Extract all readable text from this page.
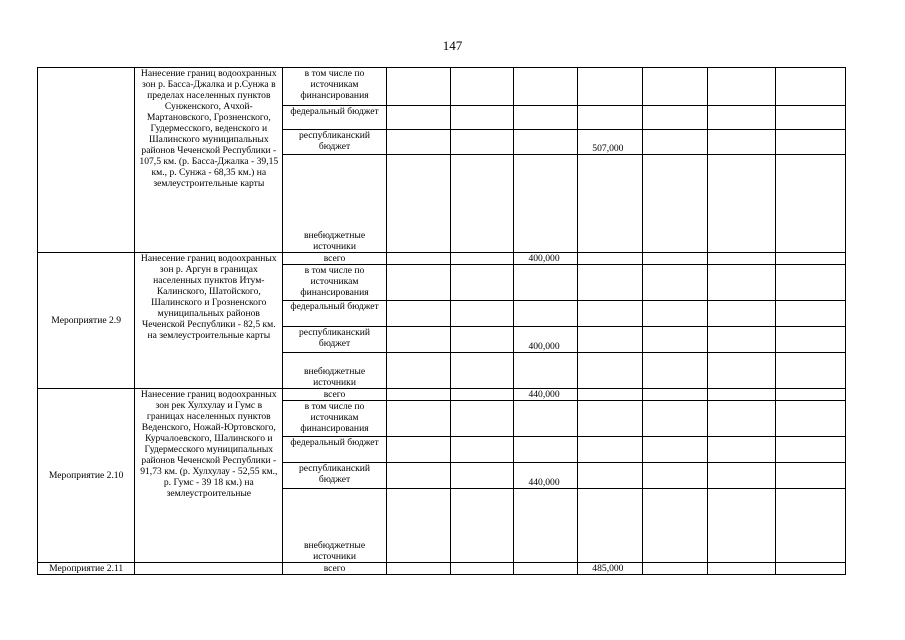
147
	Нанесение границ водоохранных зон р. Басса-Джалка и р.Сунжа в пределах населенных пунктов Сунженского, Ачхой-Мартановского, Грозненского, Гудермесского, веденского и Шалинского муниципальных районов Чеченской Республики - 107,5 км. (р. Басса-Джалка - 39,15 км., р. Сунжа - 68,35 км.) на землеустроительные карты	в том числе по источникам финансирования							
		федеральный бюджет							
		республиканский бюджет				507,000			
		внебюджетные источники							
Мероприятие 2.9	Нанесение границ водоохранных зон р. Аргун в границах населенных пунктов Итум-Калинского, Шатойского, Шалинского и Грозненского муниципальных районов Чеченской Республики - 82,5 км. на землеустроительные карты	всего			400,000				
		в том числе по источникам финансирования							
		федеральный бюджет							
		республиканский бюджет			400,000				
		внебюджетные источники							
Мероприятие 2.10	Нанесение границ водоохранных зон рек Хулхулау и Гумс в границах населенных пунктов Веденского, Ножай-Юртовского, Курчалоевского, Шалинского и Гудермесского муниципальных районов Чеченской Республики - 91,73 км. (р. Хулхулау - 52,55 км., р. Гумс - 39 18 км.) на землеустроительные	всего			440,000				
		в том числе по источникам финансирования							
		федеральный бюджет							
		республиканский бюджет			440,000				
		внебюджетные источники							
Мероприятие 2.11		всего				485,000			
